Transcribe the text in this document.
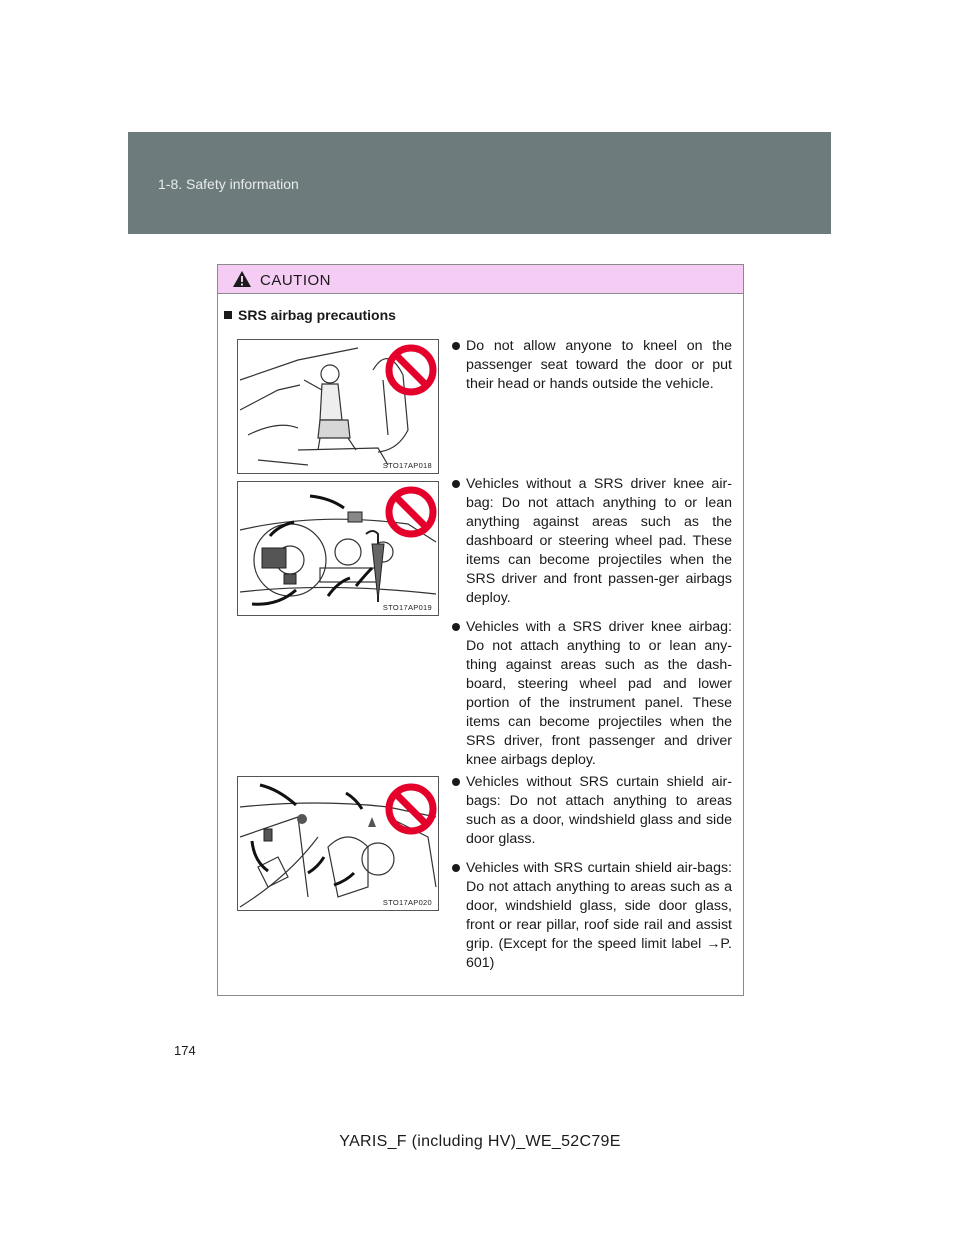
1-8. Safety information
CAUTION
SRS airbag precautions
STO17AP018
STO17AP019
STO17AP020
Do not allow anyone to kneel on the passenger seat toward the door or put their head or hands outside the vehicle.
Vehicles without a SRS driver knee air-bag: Do not attach anything to or lean anything against areas such as the dashboard or steering wheel pad. These items can become projectiles when the SRS driver and front passen-ger airbags deploy.
Vehicles with a SRS driver knee airbag: Do not attach anything to or lean any-thing against areas such as the dash-board, steering wheel pad and lower portion of the instrument panel. These items can become projectiles when the SRS driver, front passenger and driver knee airbags deploy.
Vehicles without SRS curtain shield air-bags: Do not attach anything to areas such as a door, windshield glass and side door glass.
Vehicles with SRS curtain shield air-bags: Do not attach anything to areas such as a door, windshield glass, side door glass, front or rear pillar, roof side rail and assist grip. (Except for the speed limit label →P. 601)
174
YARIS_F (including HV)_WE_52C79E
